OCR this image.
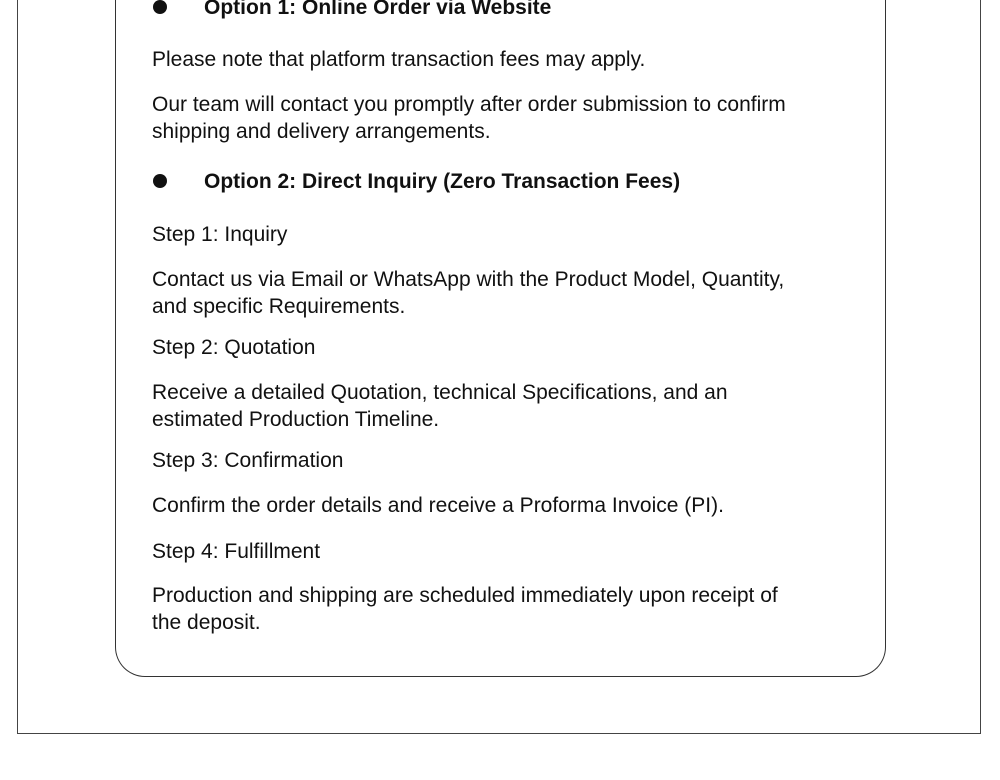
Option 1: Online Order via Website
Please note that platform transaction fees may apply.
Our team will contact you promptly after order submission to confirm
shipping and delivery arrangements.
Option 2: Direct Inquiry (Zero Transaction Fees)
Step 1: Inquiry
Contact us via Email or WhatsApp with the Product Model, Quantity,
and specific Requirements.
Step 2: Quotation
Receive a detailed Quotation, technical Specifications, and an
estimated Production Timeline.
Step 3: Confirmation
Confirm the order details and receive a Proforma Invoice (PI).
Step 4: Fulfillment
Production and shipping are scheduled immediately upon receipt of
the deposit.
